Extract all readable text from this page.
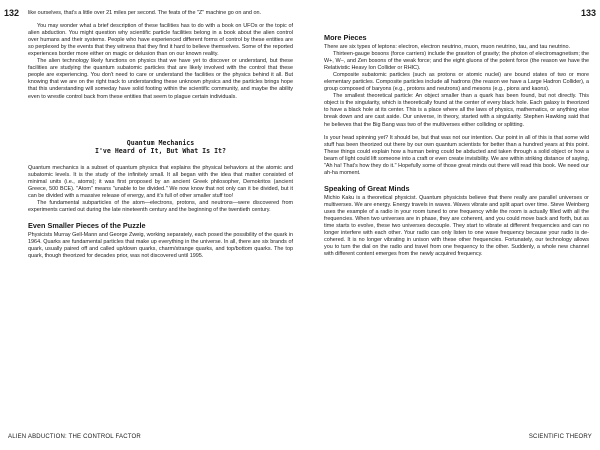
132 like ourselves, that's a little over 21 miles per second. The feats of the "Z" machine go on and on.

You may wonder what a brief description of these facilities has to do with a book on UFOs or the topic of alien abduction. You might question why scientific particle facilities belong in a book about the alien control over humans and their systems. People who have experienced different forms of control by these entities are so perplexed by the events that they witness that they find it hard to believe themselves. Some of the reported experiences border more either on magic or delusion than on our known reality.

The alien technology likely functions on physics that we have yet to discover or understand, but these facilities are studying the quantum subatomic particles that are likely involved with the control that these people are experiencing. You don't need to care or understand the facilities or the physics behind it all. But knowing that we are on the right track to understanding these unknown physics and the particles brings hope that this understanding will someday have solid footing within the scientific community, and maybe the ability even to wrestle control back from these entities that seem to plague certain individuals.

Quantum Mechanics
I've Heard of It, But What Is It?

Quantum mechanics is a subset of quantum physics that explains the physical behaviors at the atomic and subatomic levels. It is the study of the infinitely small. It all began with the idea that matter consisted of minimal units (i.e., atoms); it was first proposed by an ancient Greek philosopher, Demokritos (ancient Greece, 500 BCE). "Atom" means "unable to be divided." We now know that not only can it be divided, but it can be divided with a massive release of energy, and it's full of other smaller stuff too!

The fundamental subparticles of the atom—electrons, protons, and neutrons—were discovered from experiments carried out during the late nineteenth century and the beginning of the twentieth century.

Even Smaller Pieces of the Puzzle

Physicists Murray Gell-Mann and George Zweig, working separately, each posed the possibility of the quark in 1964. Quarks are fundamental particles that make up everything in the universe. In all, there are six brands of quark, usually paired off and called up/down quarks, charm/strange quarks, and top/bottom quarks. The top quark, though theorized for decades prior, was not discovered until 1995.

ALIEN ABDUCTION: THE CONTROL FACTOR
133
More Pieces

There are six types of leptons: electron, electron neutrino, muon, muon neutrino, tau, and tau neutrino.

Thirteen-gauge bosons (force carriers) include the graviton of gravity; the photon of electromagnetism; the W+, W–, and Zen bosons of the weak force; and the eight gluons of the potent force (the reason we have the Relativistic Heavy Ion Collider or RHIC).

Composite subatomic particles (such as protons or atomic nuclei) are bound states of two or more elementary particles. Composite particles include all hadrons (the reason we have a Large Hadron Collider), a group composed of baryons (e.g., protons and neutrons) and mesons (e.g., pions and kaons).

The smallest theoretical particle: An object smaller than a quark has been found, but not directly. This object is the singularity, which is theoretically found at the center of every black hole. Each galaxy is theorized to have a black hole at its center. This is a place where all the laws of physics, mathematics, or anything else break down and are cast aside. Our universe, in theory, started with a singularity. Stephen Hawking said that he believes that the Big Bang was two of the multiverses either colliding or splitting.

Is your head spinning yet? It should be, but that was not our intention. Our point in all of this is that some wild stuff has been theorized out there by our own quantum scientists for better than a hundred years at this point. These things could explain how a human being could be abducted and taken through a solid object or how a beam of light could lift someone into a craft or even create invisibility. We are within striking distance of saying, "Ah ha! That's how they do it." Hopefully some of those great minds out there will read this book. We need our ah-ha moment.

Speaking of Great Minds

Michio Kaku is a theoretical physicist. Quantum physicists believe that there really are parallel universes or multiverses. We are energy. Energy travels in waves. Waves vibrate and split apart over time. Steve Weinberg uses the example of a radio in your room tuned to one frequency while the room is actually filled with all the frequencies. When two universes are in phase, they are coherent, and you could move back and forth, but as time starts to evolve, these two universes decouple. They start to vibrate at different frequencies and can no longer interfere with each other. Your radio can only listen to one wave frequency because your radio is de-cohered. It is no longer vibrating in unison with these other frequencies. Fortunately, our technology allows you to turn the dial on the radio and travel from one frequency to the other. Suddenly, a whole new channel with different content emerges from the newly acquired frequency.

SCIENTIFIC THEORY
